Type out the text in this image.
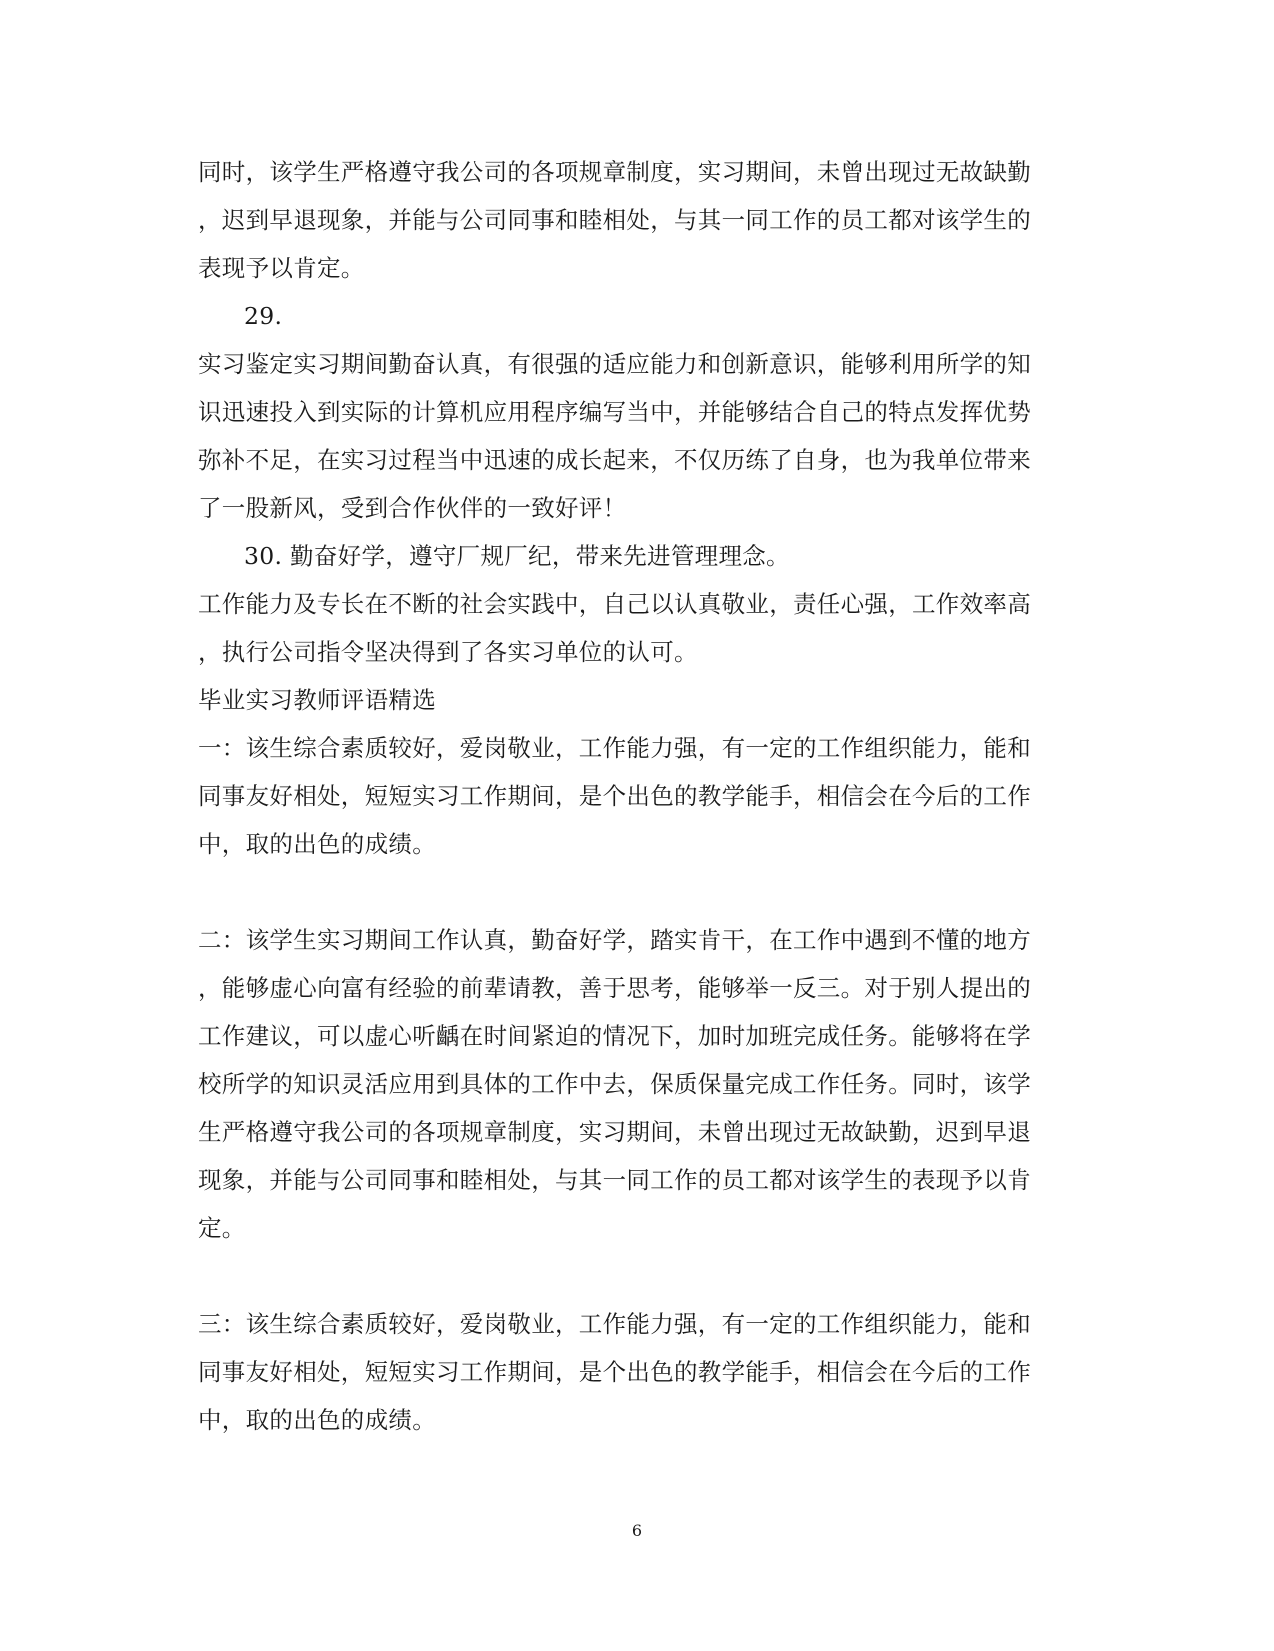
同时，该学生严格遵守我公司的各项规章制度，实习期间，未曾出现过无故缺勤
，迟到早退现象，并能与公司同事和睦相处，与其一同工作的员工都对该学生的
表现予以肯定。
29.
实习鉴定实习期间勤奋认真，有很强的适应能力和创新意识，能够利用所学的知
识迅速投入到实际的计算机应用程序编写当中，并能够结合自己的特点发挥优势
弥补不足，在实习过程当中迅速的成长起来，不仅历练了自身，也为我单位带来
了一股新风，受到合作伙伴的一致好评！
30. 勤奋好学，遵守厂规厂纪，带来先进管理理念。
工作能力及专长在不断的社会实践中，自己以认真敬业，责任心强，工作效率高
，执行公司指令坚决得到了各实习单位的认可。
毕业实习教师评语精选
一：该生综合素质较好，爱岗敬业，工作能力强，有一定的工作组织能力，能和
同事友好相处，短短实习工作期间，是个出色的教学能手，相信会在今后的工作
中，取的出色的成绩。
二：该学生实习期间工作认真，勤奋好学，踏实肯干，在工作中遇到不懂的地方
，能够虚心向富有经验的前辈请教，善于思考，能够举一反三。对于别人提出的
工作建议，可以虚心听齲在时间紧迫的情况下，加时加班完成任务。能够将在学
校所学的知识灵活应用到具体的工作中去，保质保量完成工作任务。同时，该学
生严格遵守我公司的各项规章制度，实习期间，未曾出现过无故缺勤，迟到早退
现象，并能与公司同事和睦相处，与其一同工作的员工都对该学生的表现予以肯
定。
三：该生综合素质较好，爱岗敬业，工作能力强，有一定的工作组织能力，能和
同事友好相处，短短实习工作期间，是个出色的教学能手，相信会在今后的工作
中，取的出色的成绩。
6
